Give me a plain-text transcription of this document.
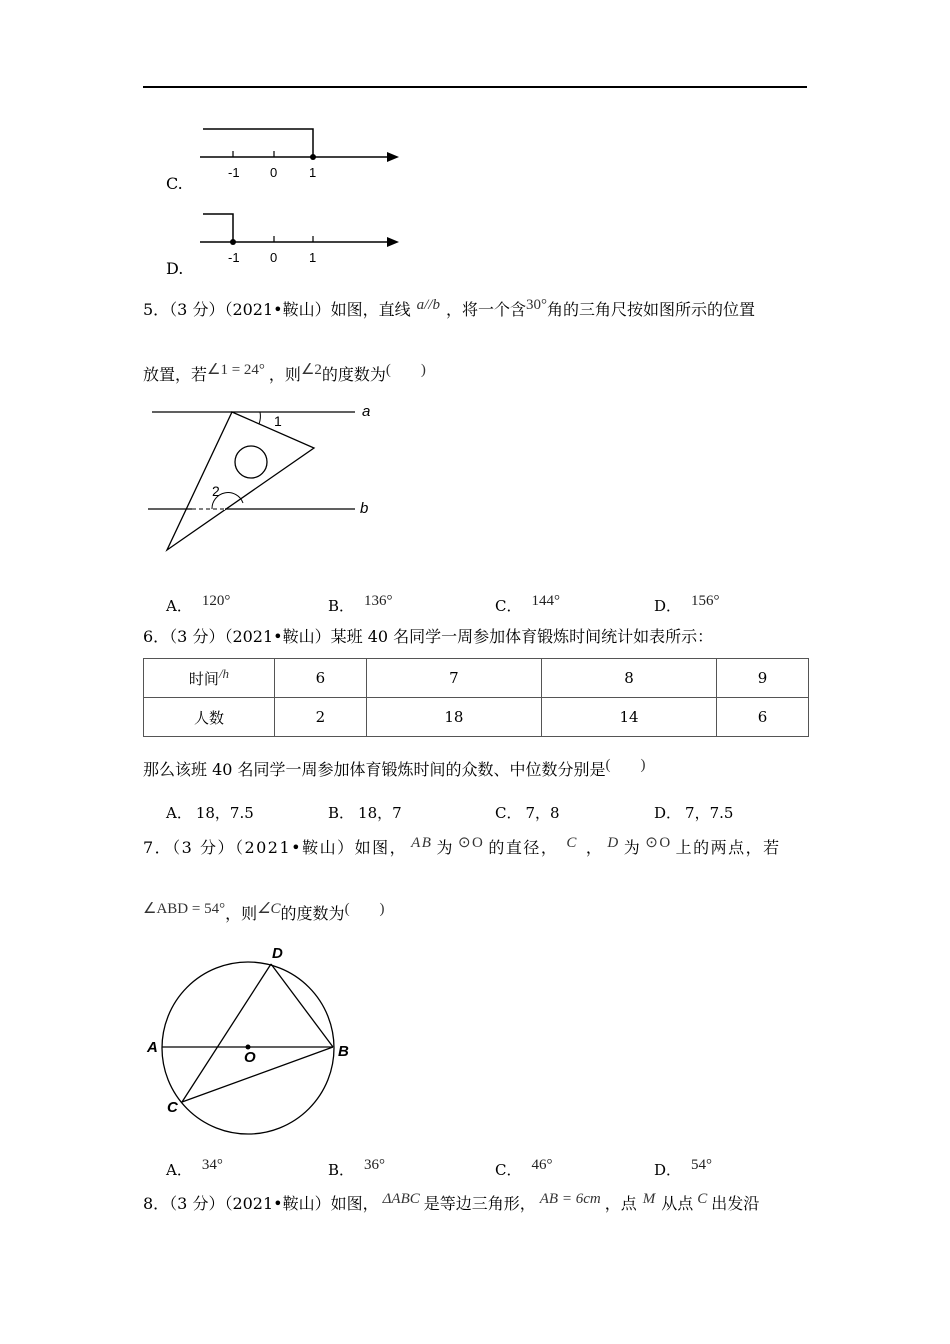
C.
-1 0 1
D.
-1 0 1
5．（3 分）（2021•鞍山）如图，直线 a//b ，将一个含30°角的三角尺按如图所示的位置
放置，若∠1 = 24° ，则∠2的度数为(　　)
1
2
a
b
A． 120°	B． 136°	C． 144°	D． 156°
6．（3 分）（2021•鞍山）某班 40 名同学一周参加体育锻炼时间统计如表所示：
时间/h	6	7	8	9
人数	2	18	14	6
那么该班 40 名同学一周参加体育锻炼时间的众数、中位数分别是(　　)
A． 18，7.5	B． 18，7	C． 7，8	D． 7，7.5
7．（3 分）（2021•鞍山）如图， AB 为 ⊙O 的直径， C ， D 为 ⊙O 上的两点，若
∠ABD = 54°，则∠C的度数为(　　)
A	B
C
D
O
A． 34°	B． 36°	C． 46°	D． 54°
8．（3 分）（2021•鞍山）如图， ΔABC 是等边三角形， AB = 6cm ，点 M 从点 C 出发沿
